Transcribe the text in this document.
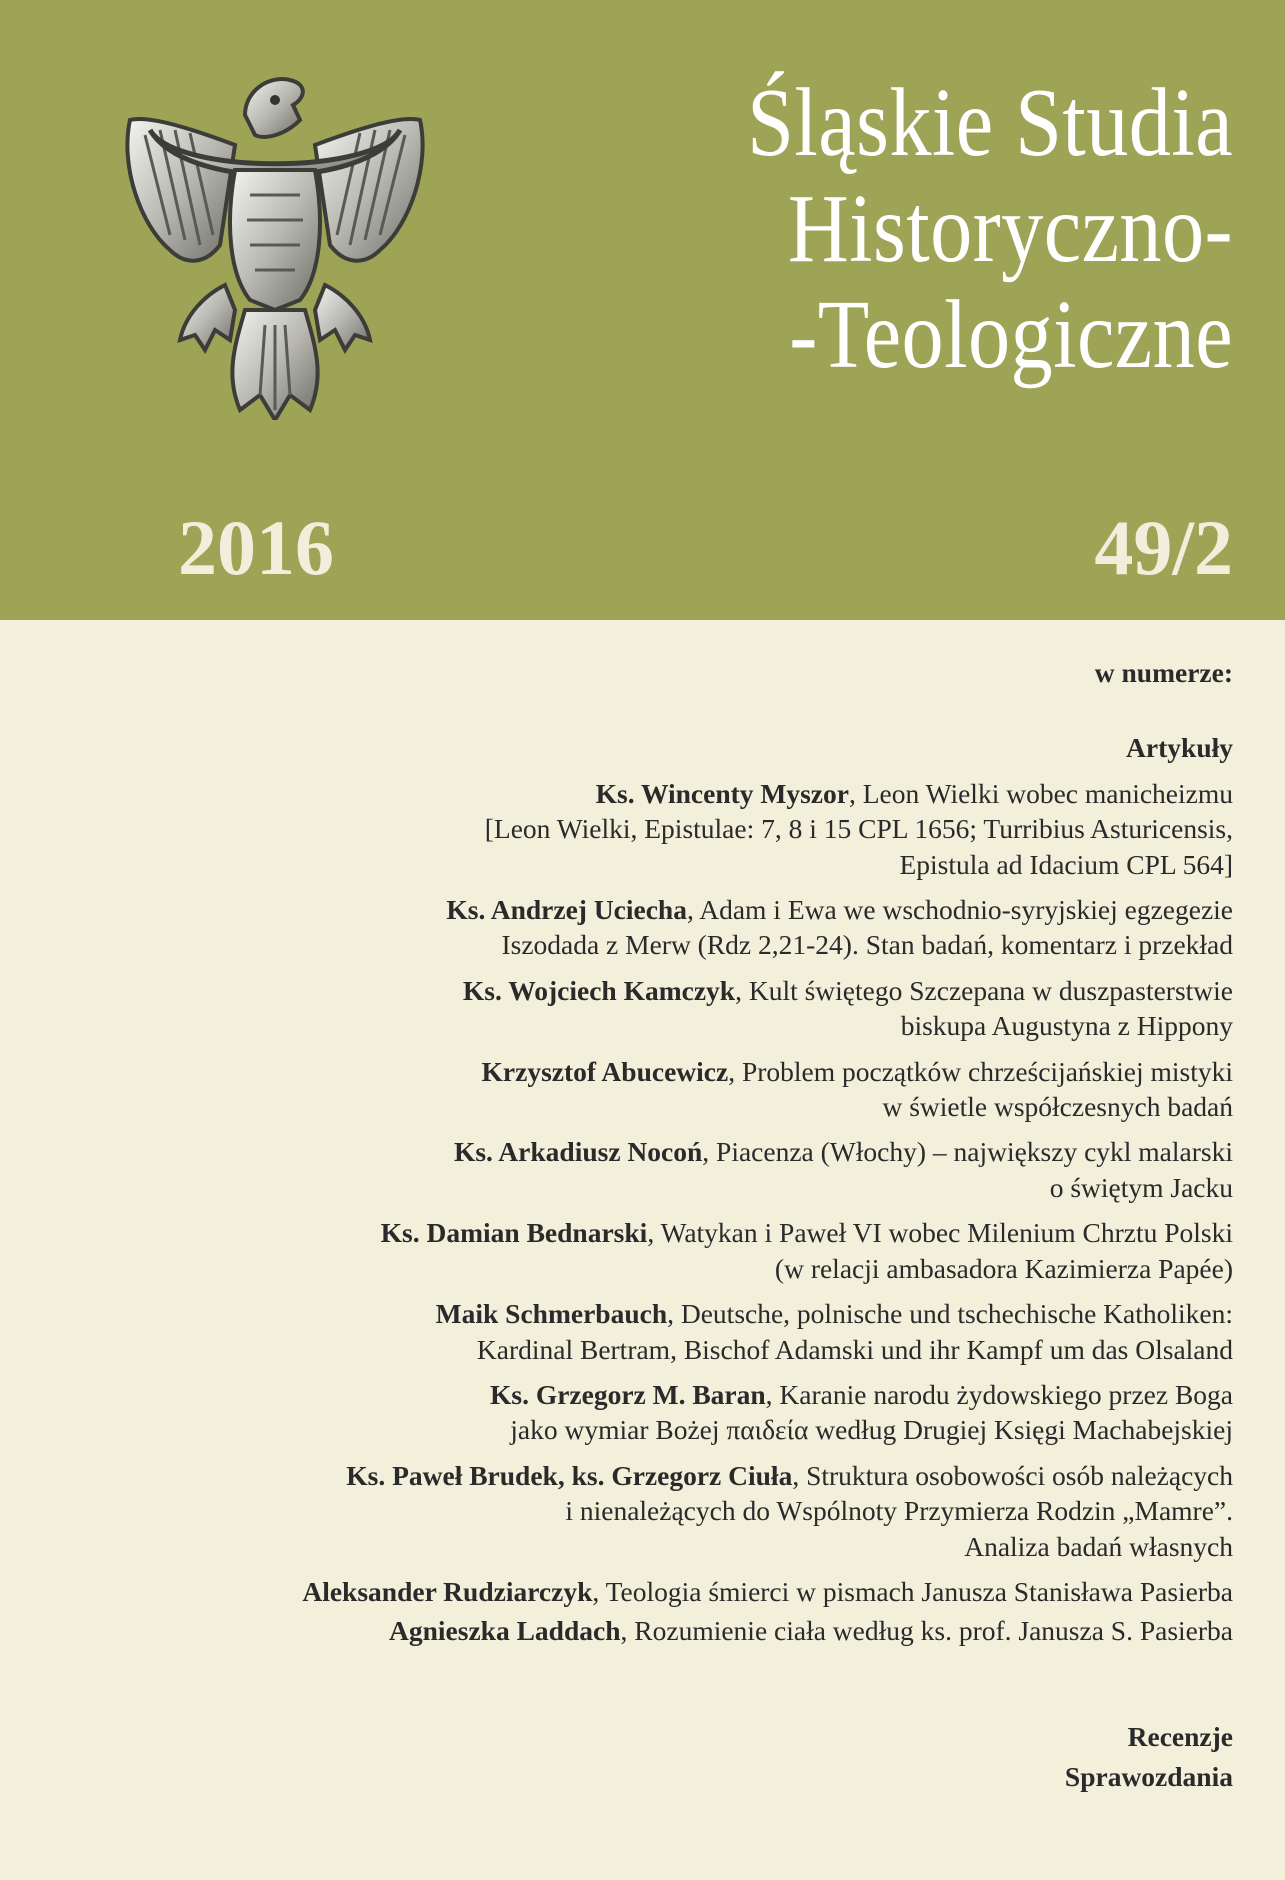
Śląskie Studia
Historyczno-
-Teologiczne
2016	49/2
w numerze:
Artykuły
Ks. Wincenty Myszor, Leon Wielki wobec manicheizmu
[Leon Wielki, Epistulae: 7, 8 i 15 CPL 1656; Turribius Asturicensis,
Epistula ad Idacium CPL 564]
Ks. Andrzej Uciecha, Adam i Ewa we wschodnio-syryjskiej egzegezie
Iszodada z Merw (Rdz 2,21-24). Stan badań, komentarz i przekład
Ks. Wojciech Kamczyk, Kult świętego Szczepana w duszpasterstwie
biskupa Augustyna z Hippony
Krzysztof Abucewicz, Problem początków chrześcijańskiej mistyki
w świetle współczesnych badań
Ks. Arkadiusz Nocoń, Piacenza (Włochy) – największy cykl malarski
o świętym Jacku
Ks. Damian Bednarski, Watykan i Paweł VI wobec Milenium Chrztu Polski
(w relacji ambasadora Kazimierza Papée)
Maik Schmerbauch, Deutsche, polnische und tschechische Katholiken:
Kardinal Bertram, Bischof Adamski und ihr Kampf um das Olsaland
Ks. Grzegorz M. Baran, Karanie narodu żydowskiego przez Boga
jako wymiar Bożej παιδεία według Drugiej Księgi Machabejskiej
Ks. Paweł Brudek, ks. Grzegorz Ciuła, Struktura osobowości osób należących
i nienależących do Wspólnoty Przymierza Rodzin „Mamre”.
Analiza badań własnych
Aleksander Rudziarczyk, Teologia śmierci w pismach Janusza Stanisława Pasierba
Agnieszka Laddach, Rozumienie ciała według ks. prof. Janusza S. Pasierba
Recenzje
Sprawozdania
